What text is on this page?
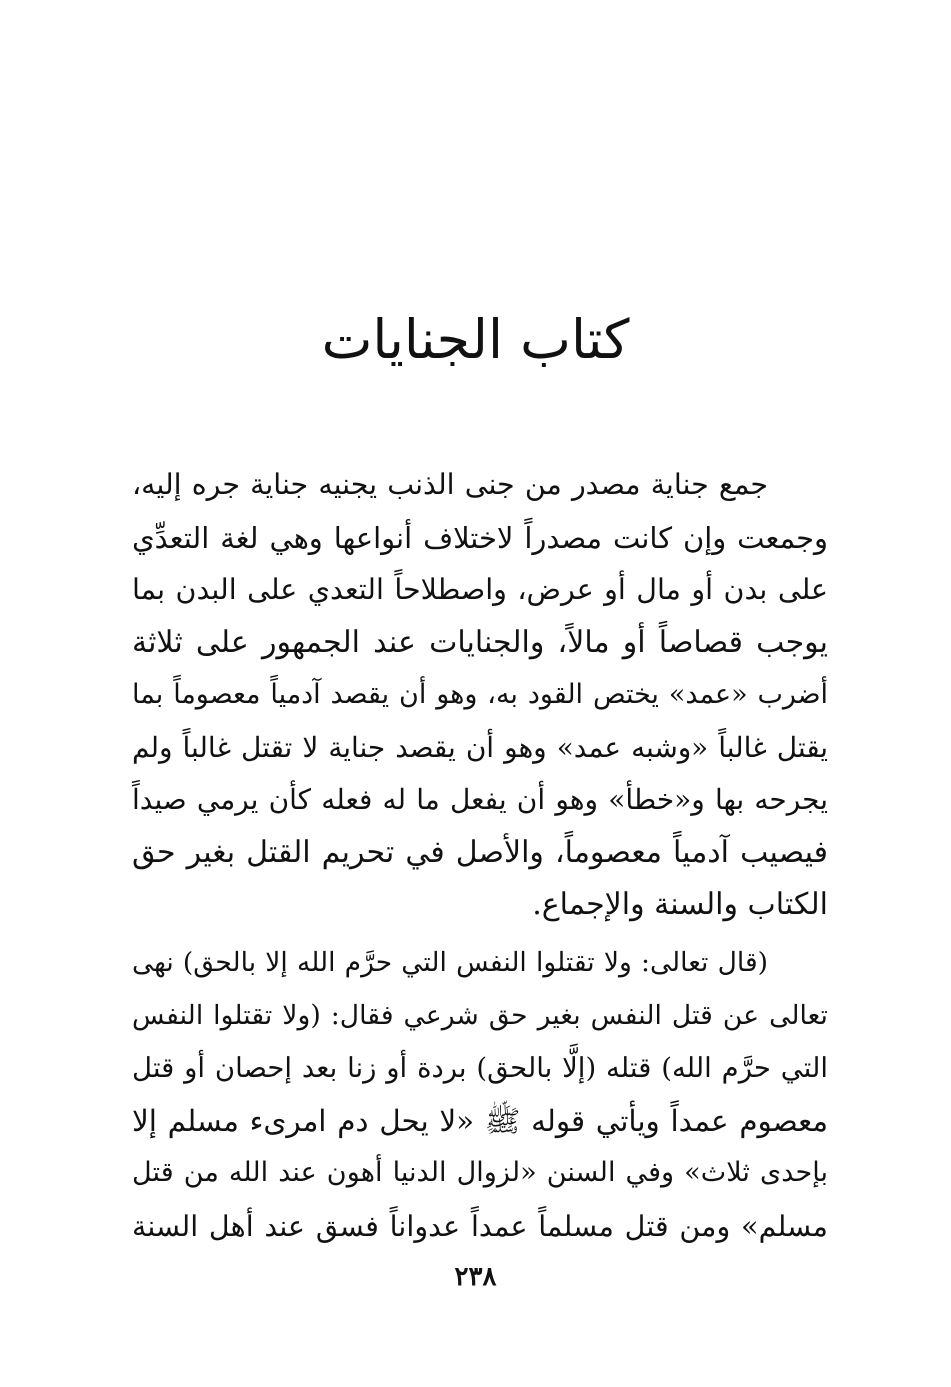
كتاب الجنايات
جمع جناية مصدر من جنى الذنب يجنيه جناية جره إليه،
وجمعت وإن كانت مصدراً لاختلاف أنواعها وهي لغة التعدِّي
على بدن أو مال أو عرض، واصطلاحاً التعدي على البدن بما
يوجب قصاصاً أو مالاً، والجنايات عند الجمهور على ثلاثة
أضرب «عمد» يختص القود به، وهو أن يقصد آدمياً معصوماً بما
يقتل غالباً «وشبه عمد» وهو أن يقصد جناية لا تقتل غالباً ولم
يجرحه بها و«خطأ» وهو أن يفعل ما له فعله كأن يرمي صيداً
فيصيب آدمياً معصوماً، والأصل في تحريم القتل بغير حق
الكتاب والسنة والإجماع.
(قال تعالى: ولا تقتلوا النفس التي حرَّم الله إلا بالحق) نهى
تعالى عن قتل النفس بغير حق شرعي فقال: (ولا تقتلوا النفس
التي حرَّم الله) قتله (إلَّا بالحق) بردة أو زنا بعد إحصان أو قتل
معصوم عمداً ويأتي قوله ﷺ «لا يحل دم امرىء مسلم إلا
بإحدى ثلاث» وفي السنن «لزوال الدنيا أهون عند الله من قتل
مسلم» ومن قتل مسلماً عمداً عدواناً فسق عند أهل السنة
٢٣٨
